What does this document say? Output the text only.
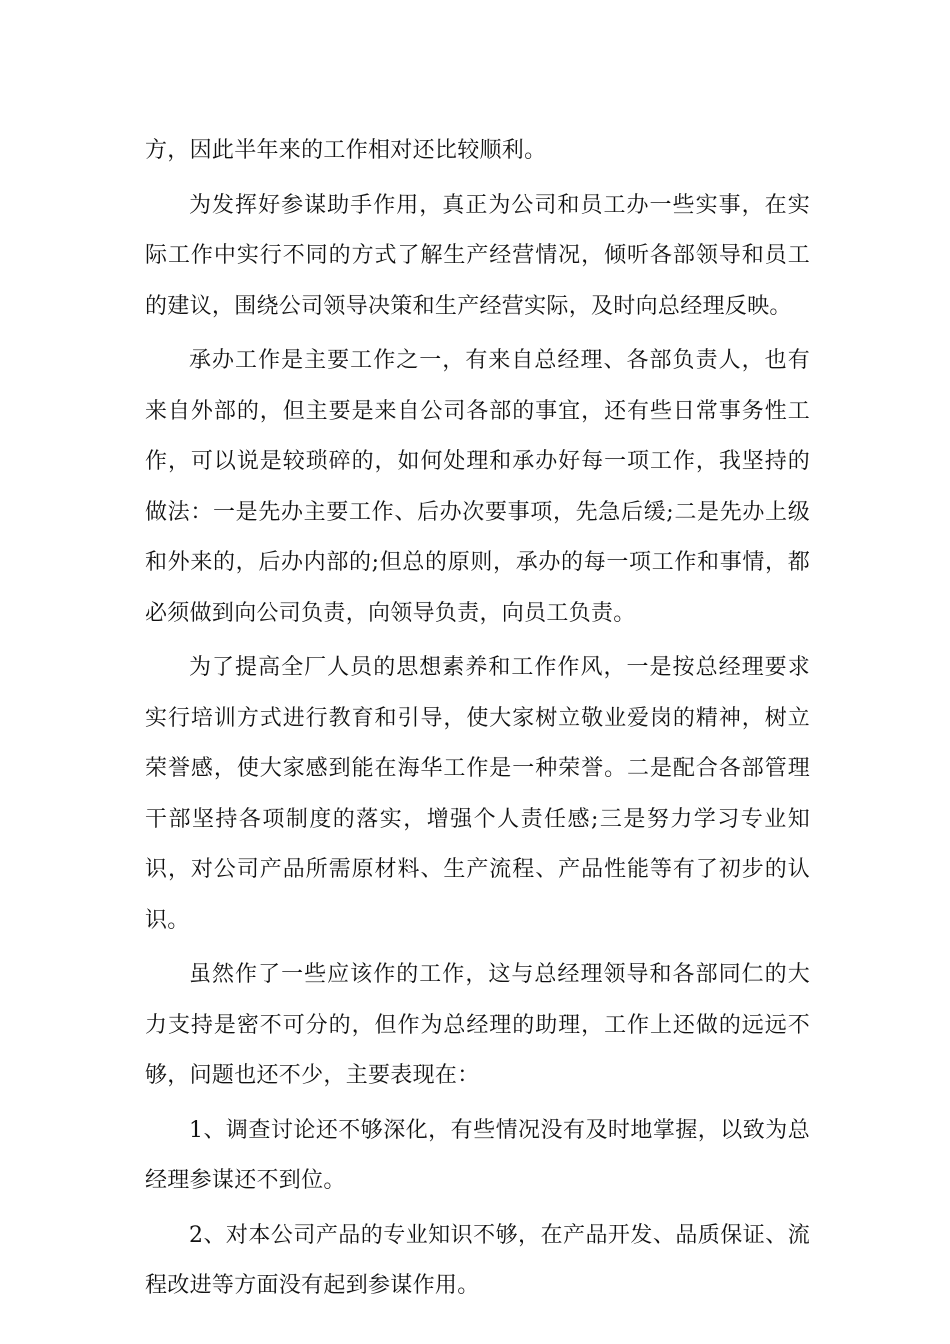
方，因此半年来的工作相对还比较顺利。

为发挥好参谋助手作用，真正为公司和员工办一些实事，在实际工作中实行不同的方式了解生产经营情况，倾听各部领导和员工的建议，围绕公司领导决策和生产经营实际，及时向总经理反映。

承办工作是主要工作之一，有来自总经理、各部负责人，也有来自外部的，但主要是来自公司各部的事宜，还有些日常事务性工作，可以说是较琐碎的，如何处理和承办好每一项工作，我坚持的做法：一是先办主要工作、后办次要事项，先急后缓;二是先办上级和外来的，后办内部的;但总的原则，承办的每一项工作和事情，都必须做到向公司负责，向领导负责，向员工负责。

为了提高全厂人员的思想素养和工作作风，一是按总经理要求实行培训方式进行教育和引导，使大家树立敬业爱岗的精神，树立荣誉感，使大家感到能在海华工作是一种荣誉。二是配合各部管理干部坚持各项制度的落实，增强个人责任感;三是努力学习专业知识，对公司产品所需原材料、生产流程、产品性能等有了初步的认识。

虽然作了一些应该作的工作，这与总经理领导和各部同仁的大力支持是密不可分的，但作为总经理的助理，工作上还做的远远不够，问题也还不少，主要表现在：

1、调查讨论还不够深化，有些情况没有及时地掌握，以致为总经理参谋还不到位。

2、对本公司产品的专业知识不够，在产品开发、品质保证、流程改进等方面没有起到参谋作用。
